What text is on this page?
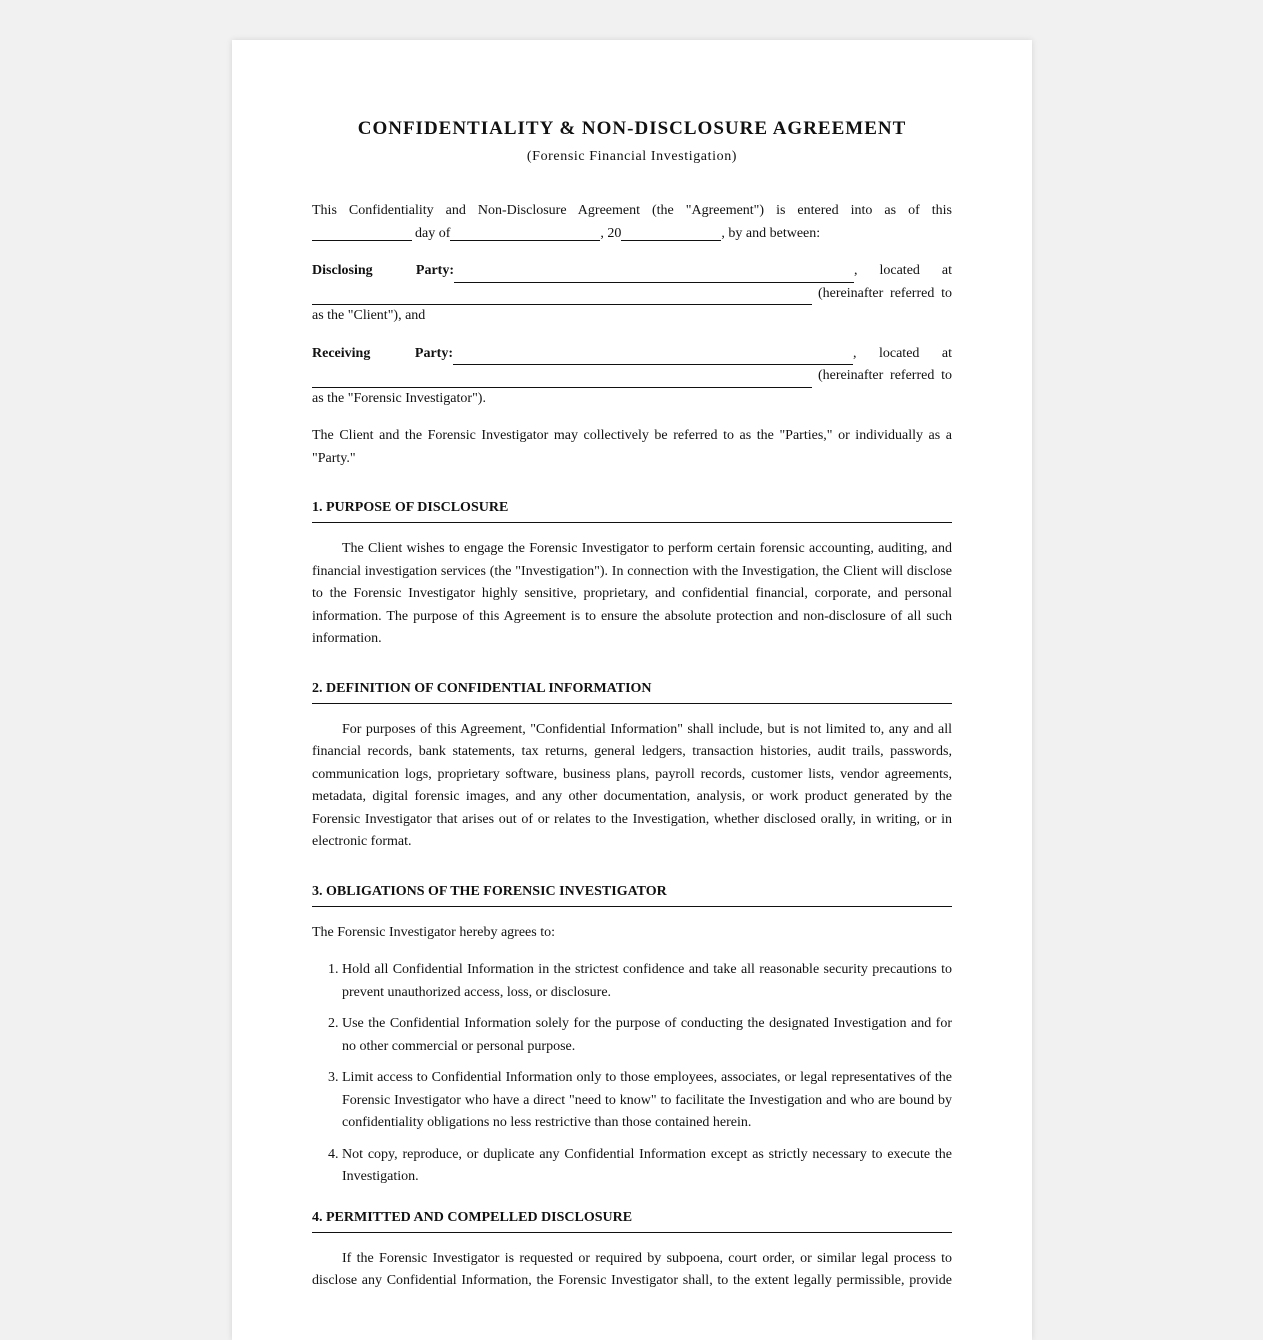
CONFIDENTIALITY & NON-DISCLOSURE AGREEMENT
(Forensic Financial Investigation)

This Confidentiality and Non-Disclosure Agreement (the "Agreement") is entered into as of this

day of	, 20	, by and between:

Disclosing Party:	, located at
(hereinafter referred to

as the "Client"), and

Receiving Party:	, located at
(hereinafter referred to

as the "Forensic Investigator").

The Client and the Forensic Investigator may collectively be referred to as the "Parties," or individually as a "Party."

1. PURPOSE OF DISCLOSURE

The Client wishes to engage the Forensic Investigator to perform certain forensic accounting, auditing, and financial investigation services (the "Investigation"). In connection with the Investigation, the Client will disclose to the Forensic Investigator highly sensitive, proprietary, and confidential financial, corporate, and personal information. The purpose of this Agreement is to ensure the absolute protection and non-disclosure of all such information.

2. DEFINITION OF CONFIDENTIAL INFORMATION

For purposes of this Agreement, "Confidential Information" shall include, but is not limited to, any and all financial records, bank statements, tax returns, general ledgers, transaction histories, audit trails, passwords, communication logs, proprietary software, business plans, payroll records, customer lists, vendor agreements, metadata, digital forensic images, and any other documentation, analysis, or work product generated by the Forensic Investigator that arises out of or relates to the Investigation, whether disclosed orally, in writing, or in electronic format.

3. OBLIGATIONS OF THE FORENSIC INVESTIGATOR

The Forensic Investigator hereby agrees to:

1. Hold all Confidential Information in the strictest confidence and take all reasonable security precautions to prevent unauthorized access, loss, or disclosure.
2. Use the Confidential Information solely for the purpose of conducting the designated Investigation and for no other commercial or personal purpose.
3. Limit access to Confidential Information only to those employees, associates, or legal representatives of the Forensic Investigator who have a direct "need to know" to facilitate the Investigation and who are bound by confidentiality obligations no less restrictive than those contained herein.
4. Not copy, reproduce, or duplicate any Confidential Information except as strictly necessary to execute the Investigation.
4. PERMITTED AND COMPELLED DISCLOSURE

If the Forensic Investigator is requested or required by subpoena, court order, or similar legal process to disclose any Confidential Information, the Forensic Investigator shall, to the extent legally permissible, provide
